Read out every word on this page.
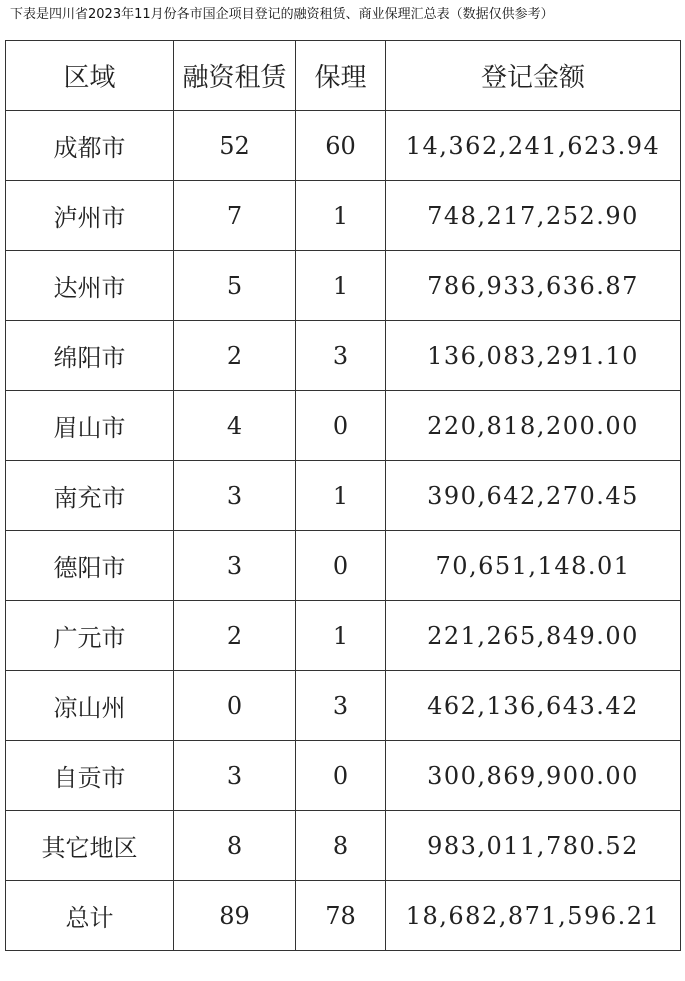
下表是四川省2023年11月份各市国企项目登记的融资租赁、商业保理汇总表（数据仅供参考）
区域	融资租赁	保理	登记金额
成都市	52	60	14,362,241,623.94
泸州市	7	1	748,217,252.90
达州市	5	1	786,933,636.87
绵阳市	2	3	136,083,291.10
眉山市	4	0	220,818,200.00
南充市	3	1	390,642,270.45
德阳市	3	0	70,651,148.01
广元市	2	1	221,265,849.00
凉山州	0	3	462,136,643.42
自贡市	3	0	300,869,900.00
其它地区	8	8	983,011,780.52
总计	89	78	18,682,871,596.21
